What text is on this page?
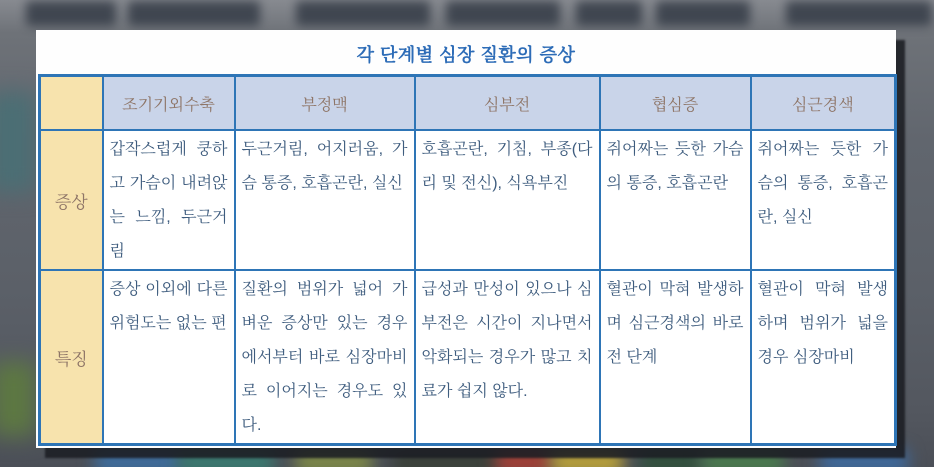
각 단계별 심장 질환의 증상
	조기기외수축	부정맥	심부전	협심증	심근경색
증상	갑작스럽게 쿵하고 가슴이 내려앉는 느낌, 두근거림	두근거림, 어지러움, 가슴 통증, 호흡곤란, 실신	호흡곤란, 기침, 부종(다리 및 전신), 식욕부진	쥐어짜는 듯한 가슴의 통증, 호흡곤란	쥐어짜는 듯한 가슴의 통증, 호흡곤란, 실신
특징	증상 이외에 다른 위험도는 없는 편	질환의 범위가 넓어 가벼운 증상만 있는 경우에서부터 바로 심장마비로 이어지는 경우도 있다.	급성과 만성이 있으나 심부전은 시간이 지나면서 악화되는 경우가 많고 치료가 쉽지 않다.	혈관이 막혀 발생하며 심근경색의 바로 전 단계	혈관이 막혀 발생하며 범위가 넓을 경우 심장마비
